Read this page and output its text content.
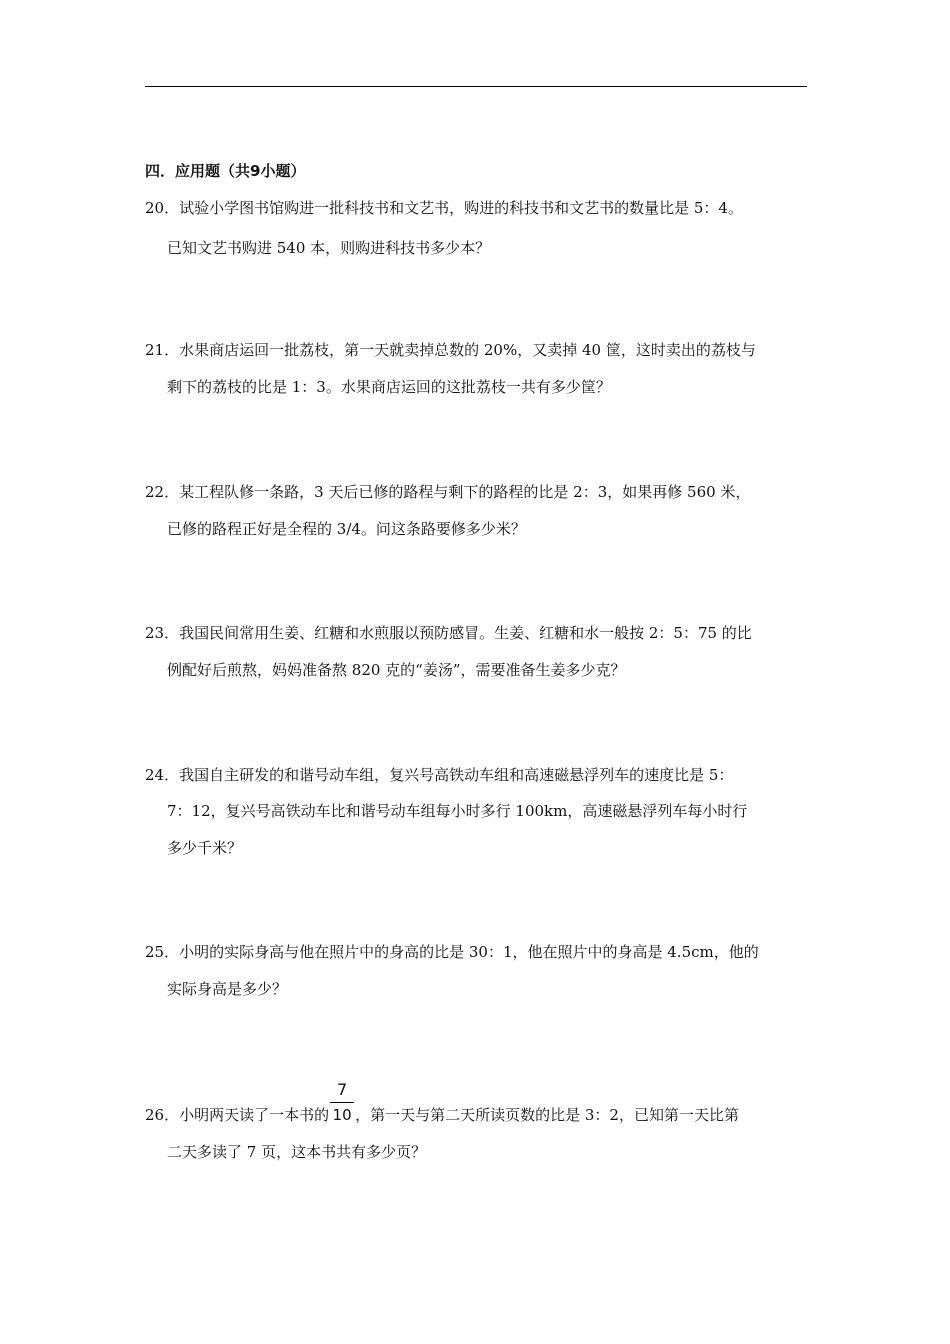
四．应用题（共9小题）
20．试验小学图书馆购进一批科技书和文艺书，购进的科技书和文艺书的数量比是 5：4。
已知文艺书购进 540 本，则购进科技书多少本？
21．水果商店运回一批荔枝，第一天就卖掉总数的 20%，又卖掉 40 筐，这时卖出的荔枝与
剩下的荔枝的比是 1：3。水果商店运回的这批荔枝一共有多少筐？
22．某工程队修一条路，3 天后已修的路程与剩下的路程的比是 2：3，如果再修 560 米，
已修的路程正好是全程的 3/4。问这条路要修多少米？
23．我国民间常用生姜、红糖和水煎服以预防感冒。生姜、红糖和水一般按 2：5：75 的比
例配好后煎熬，妈妈准备熬 820 克的“姜汤”，需要准备生姜多少克？
24．我国自主研发的和谐号动车组，复兴号高铁动车组和高速磁悬浮列车的速度比是 5：
7：12，复兴号高铁动车比和谐号动车组每小时多行 100km，高速磁悬浮列车每小时行
多少千米？
25．小明的实际身高与他在照片中的身高的比是 30：1，他在照片中的身高是 4.5cm，他的
实际身高是多少？
26．小明两天读了一本书的 $\frac{7}{10}$ ，第一天与第二天所读页数的比是 3：2，已知第一天比第
二天多读了 7 页，这本书共有多少页？
